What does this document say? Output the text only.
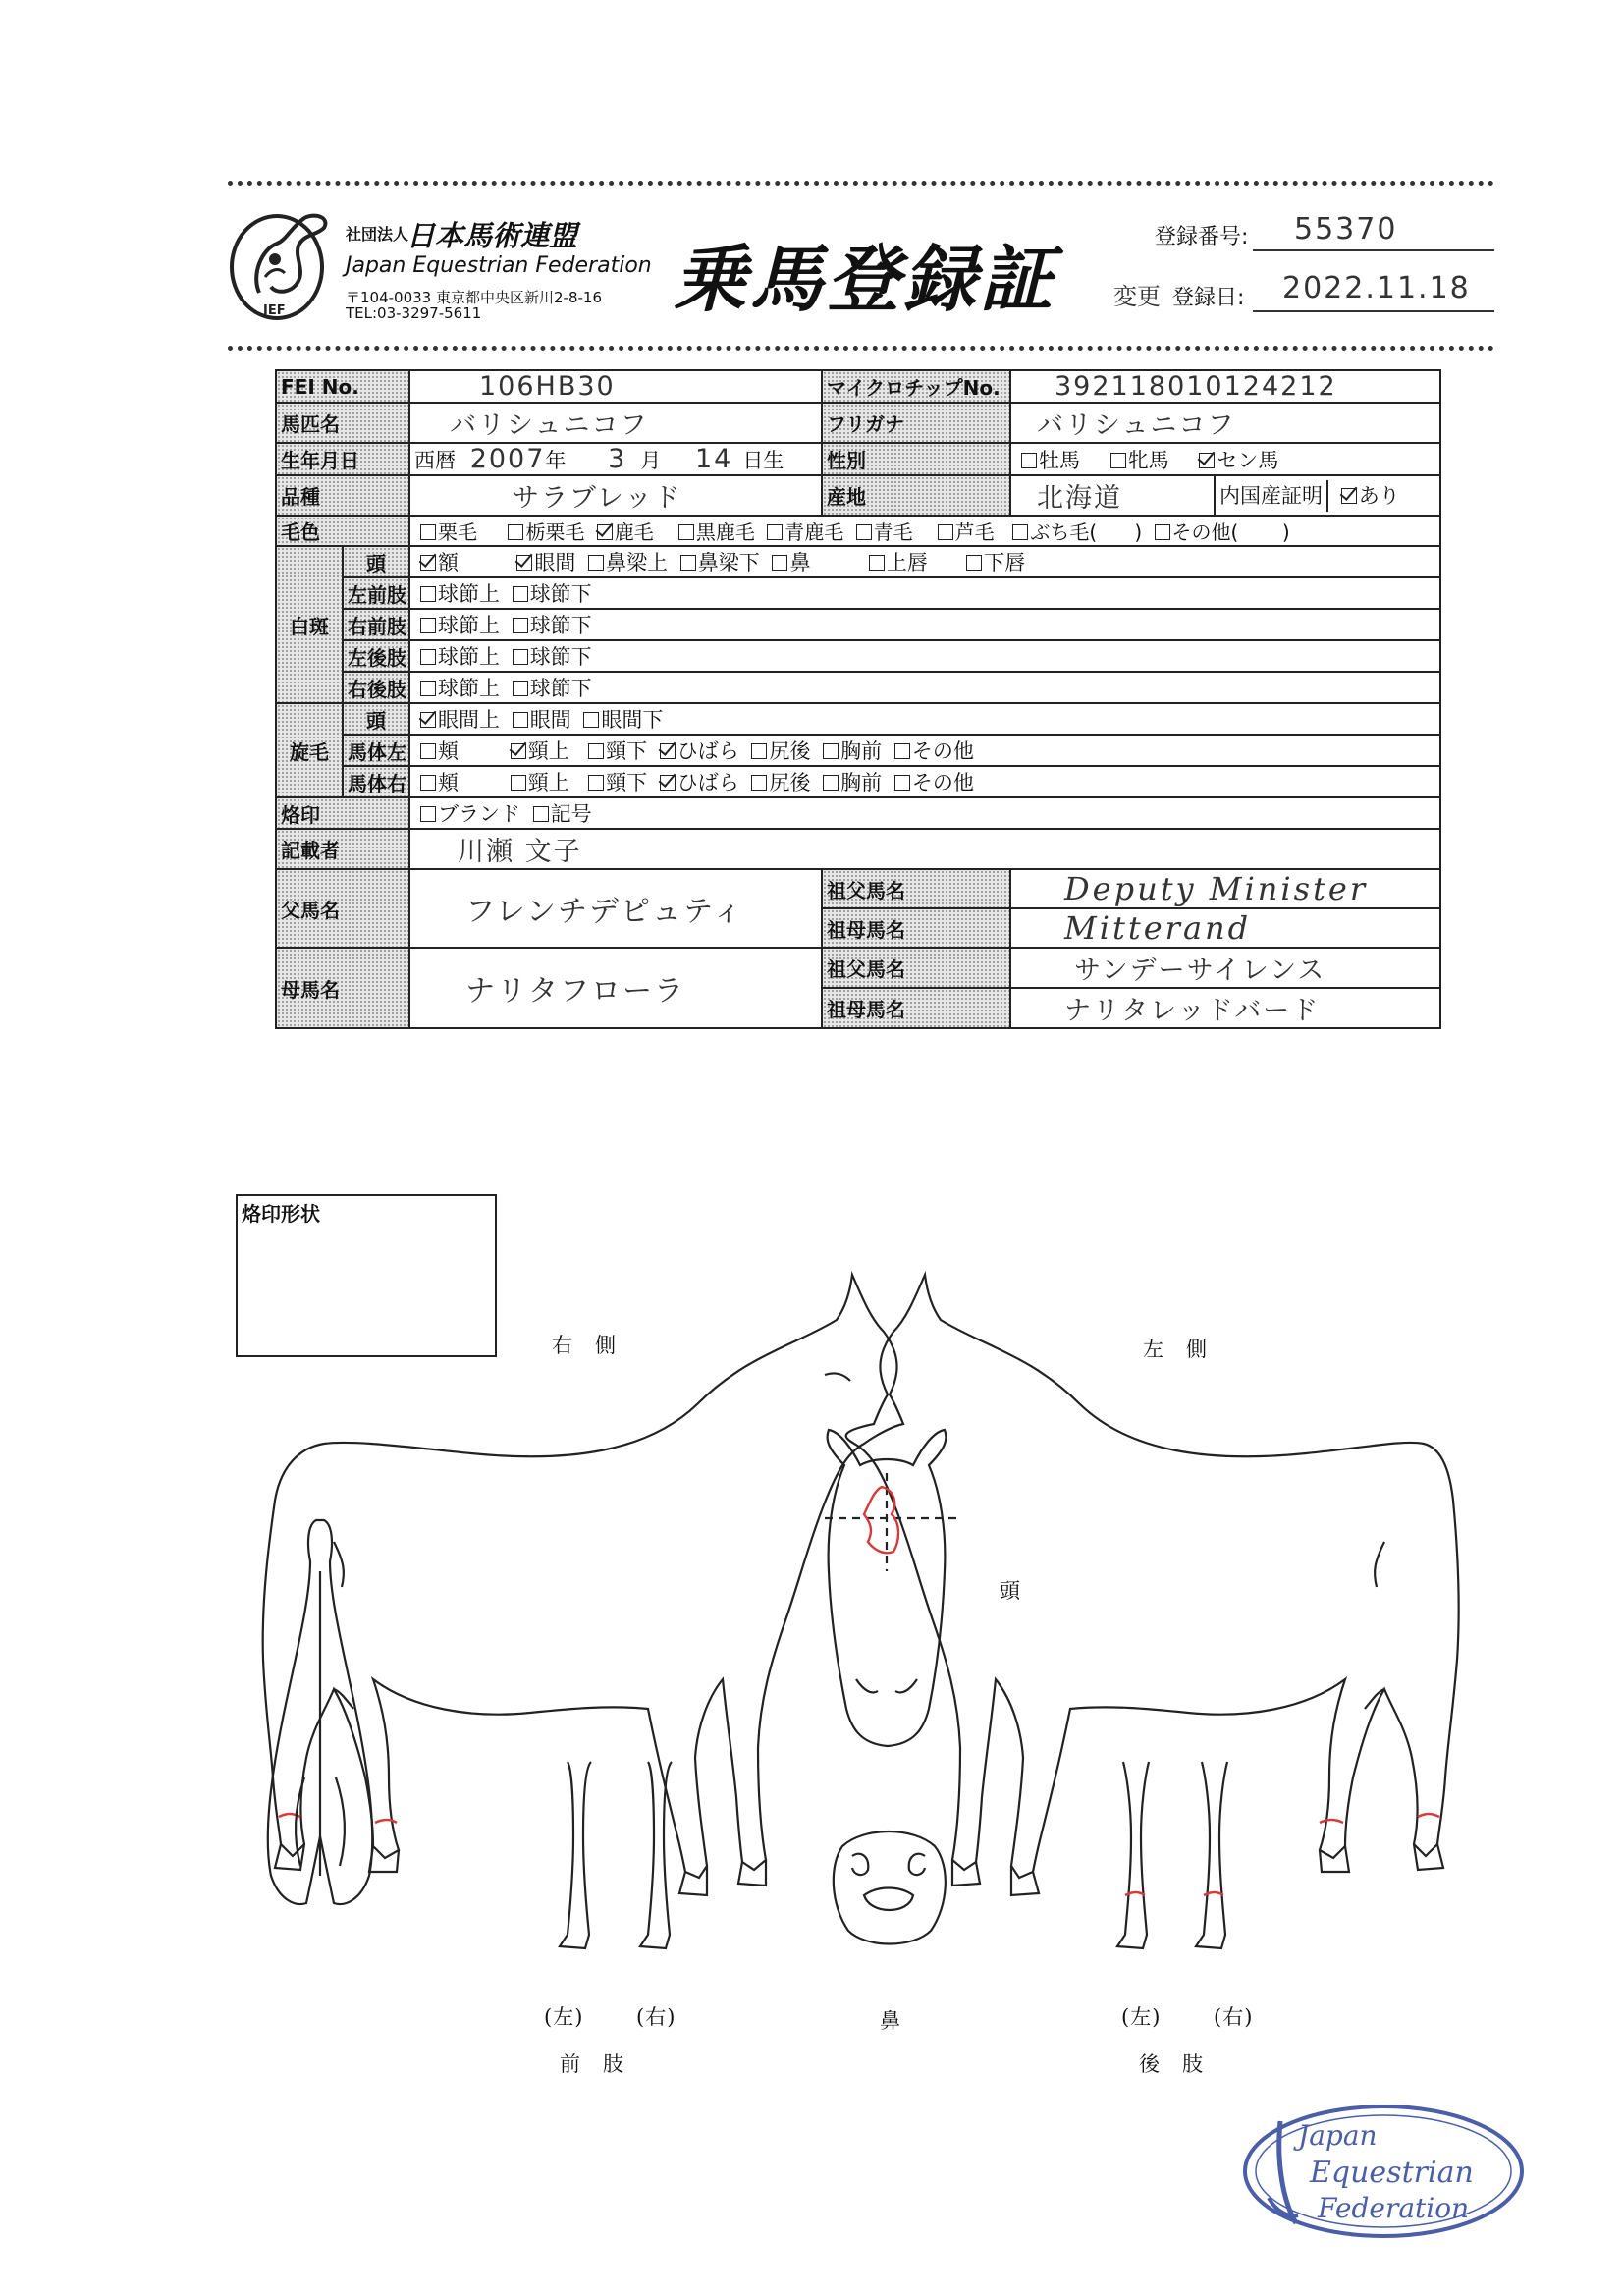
JEF
社団法人
日本馬術連盟
Japan Equestrian Federation
〒104-0033 東京都中央区新川2-8-16
TEL:03-3297-5611	乗馬登録証
登録番号: 55370
変更 登録日: 2022.11.18
FEI No.		106HB30	マイクロチップNo.	392118010124212	
馬匹名		バリシュニコフ	フリガナ	バリシュニコフ	
生年月日		西暦 2007年 3 月 14 日生	性別	牡馬 牝馬 セン馬	
品種		サラブレッド	産地	北海道	内国産証明 あり
毛色		栗毛 栃栗毛 鹿毛 黒鹿毛 青鹿毛 青毛 芦毛 ぶち毛( ) その他( )			
白斑	頭	額 眼間 鼻梁上 鼻梁下 鼻 上唇 下唇			
	左前肢	球節上 球節下			
	右前肢	球節上 球節下			
	左後肢	球節上 球節下			
	右後肢	球節上 球節下			
旋毛	頭	眼間上 眼間 眼間下			
	馬体左	頬 頸上 頸下 ひばら 尻後 胸前 その他			
	馬体右	頬 頸上 頸下 ひばら 尻後 胸前 その他			
烙印		ブランド 記号			
記載者		川瀬 文子			
父馬名		フレンチデピュティ	祖父馬名	Deputy Minister	
			祖母馬名	Mitterand	
母馬名		ナリタフローラ	祖父馬名	サンデーサイレンス	
			祖母馬名	ナリタレッドバード	
烙印形状
右　側	左　側
頭
鼻
(左)	(右)
前　肢
(左)	(右)
後　肢
Japan
Equestrian
Federation
